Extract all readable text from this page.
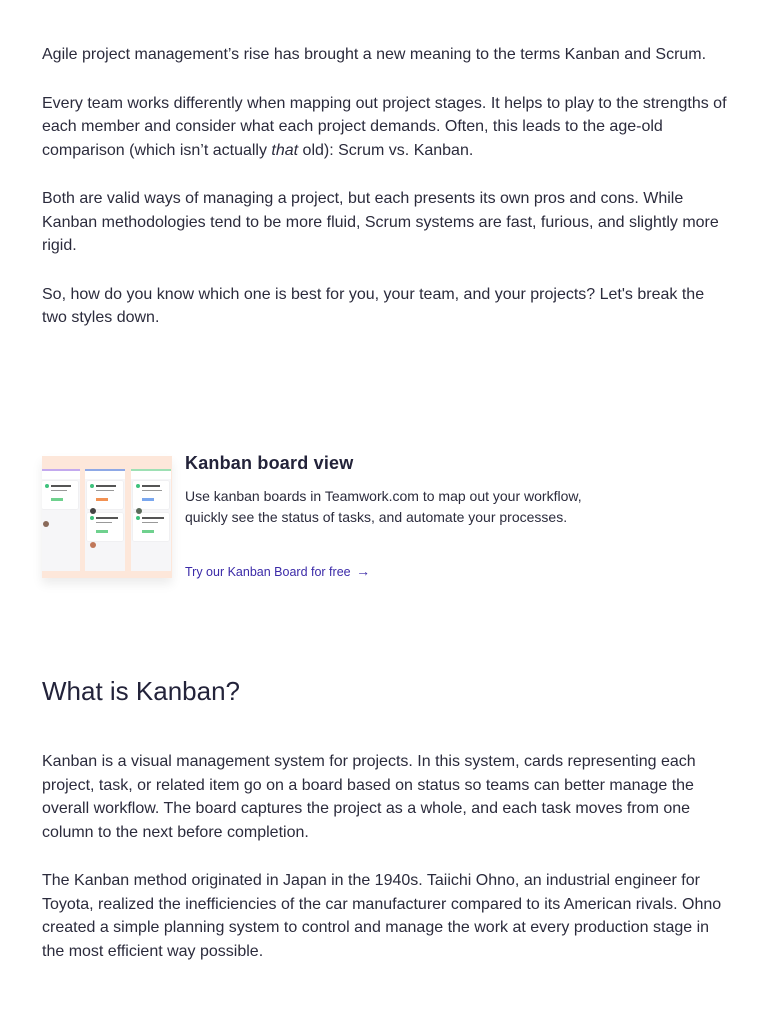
Agile project management’s rise has brought a new meaning to the terms Kanban and Scrum.

Every team works differently when mapping out project stages. It helps to play to the strengths of each member and consider what each project demands. Often, this leads to the age-old comparison (which isn’t actually that old): Scrum vs. Kanban.

Both are valid ways of managing a project, but each presents its own pros and cons. While Kanban methodologies tend to be more fluid, Scrum systems are fast, furious, and slightly more rigid.

So, how do you know which one is best for you, your team, and your projects? Let's break the two styles down.

Kanban board view

Use kanban boards in Teamwork.com to map out your workflow, quickly see the status of tasks, and automate your processes.

Try our Kanban Board for free →
What is Kanban?

Kanban is a visual management system for projects. In this system, cards representing each project, task, or related item go on a board based on status so teams can better manage the overall workflow. The board captures the project as a whole, and each task moves from one column to the next before completion.

The Kanban method originated in Japan in the 1940s. Taiichi Ohno, an industrial engineer for Toyota, realized the inefficiencies of the car manufacturer compared to its American rivals. Ohno created a simple planning system to control and manage the work at every production stage in the most efficient way possible.
